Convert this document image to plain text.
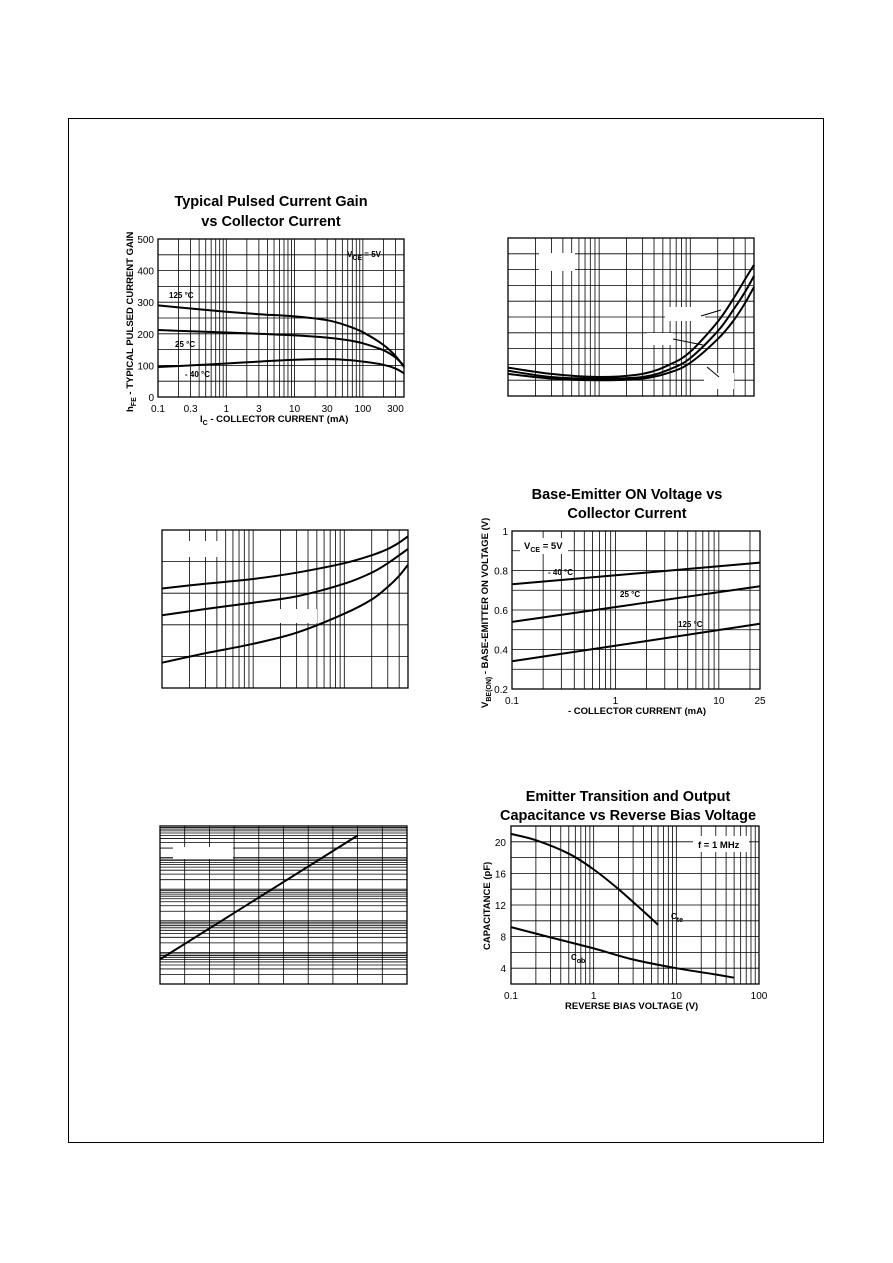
Typical Pulsed Current Gain
vs Collector Current
0.1 0.3	1	3	10 30 100 300
0
100
200
300
400
500
$h_{FE}$ - TYPICAL PULSED CURRENT GAIN
$I_C$ - COLLECTOR CURRENT (mA)
VCE = 5V
125 °C
25 °C
- 40 °C
Base-Emitter ON Voltage vs
Collector Current
0.1	1	10	25
0.2
0.4
0.6
0.8
1
$V_{BE(ON)}$ - BASE-EMITTER ON VOLTAGE (V)
- COLLECTOR CURRENT (mA)
$V_{CE} = 5V$
- 40 °C
25 °C
125 °C
Emitter Transition and Output
Capacitance vs Reverse Bias Voltage
0.1	1	10	100
4
8
12
16
20
CAPACITANCE (pF)
REVERSE BIAS VOLTAGE (V)
f = 1 MHz
Cte
Cob
